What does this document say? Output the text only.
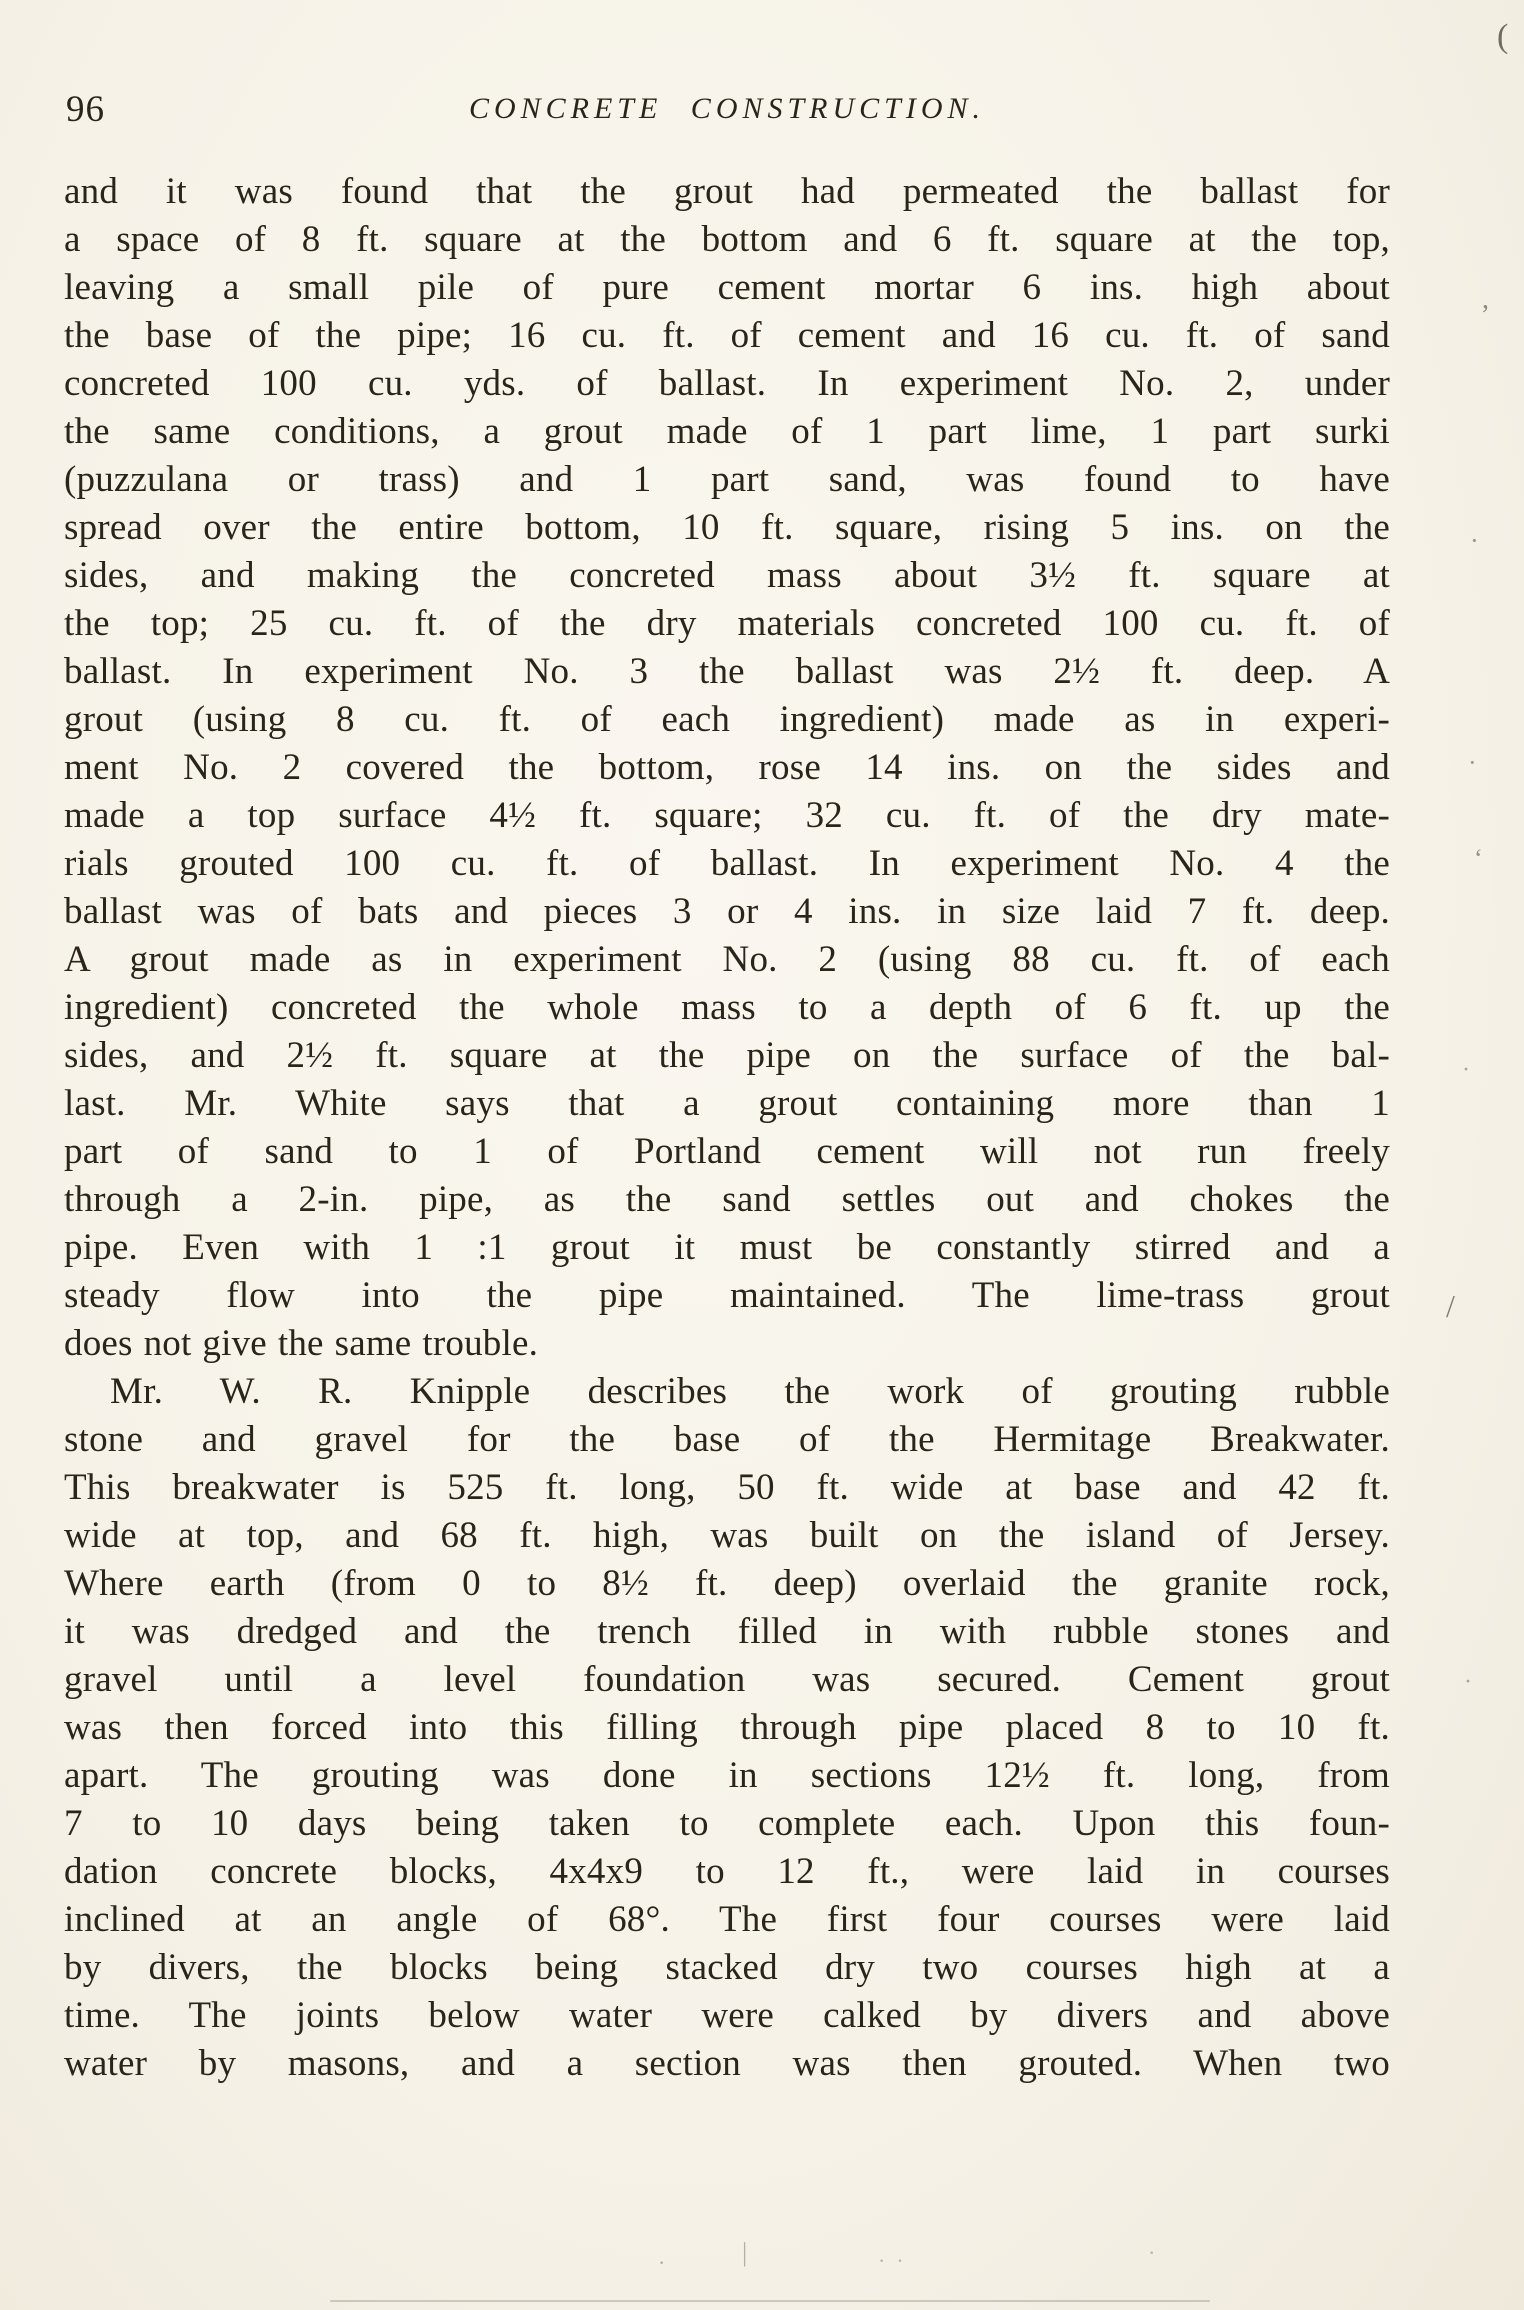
96	CONCRETE CONSTRUCTION.
and it was found that the grout had permeated the ballast for
a space of 8 ft. square at the bottom and 6 ft. square at the top,
leaving a small pile of pure cement mortar 6 ins. high about
the base of the pipe; 16 cu. ft. of cement and 16 cu. ft. of sand
concreted 100 cu. yds. of ballast. In experiment No. 2, under
the same conditions, a grout made of 1 part lime, 1 part surki
(puzzulana or trass) and 1 part sand, was found to have
spread over the entire bottom, 10 ft. square, rising 5 ins. on the
sides, and making the concreted mass about 3½ ft. square at
the top; 25 cu. ft. of the dry materials concreted 100 cu. ft. of
ballast. In experiment No. 3 the ballast was 2½ ft. deep. A
grout (using 8 cu. ft. of each ingredient) made as in experi-
ment No. 2 covered the bottom, rose 14 ins. on the sides and
made a top surface 4½ ft. square; 32 cu. ft. of the dry mate-
rials grouted 100 cu. ft. of ballast. In experiment No. 4 the
ballast was of bats and pieces 3 or 4 ins. in size laid 7 ft. deep.
A grout made as in experiment No. 2 (using 88 cu. ft. of each
ingredient) concreted the whole mass to a depth of 6 ft. up the
sides, and 2½ ft. square at the pipe on the surface of the bal-
last. Mr. White says that a grout containing more than 1
part of sand to 1 of Portland cement will not run freely
through a 2-in. pipe, as the sand settles out and chokes the
pipe. Even with 1 :1 grout it must be constantly stirred and a
steady flow into the pipe maintained. The lime-trass grout
does not give the same trouble.
Mr. W. R. Knipple describes the work of grouting rubble
stone and gravel for the base of the Hermitage Breakwater.
This breakwater is 525 ft. long, 50 ft. wide at base and 42 ft.
wide at top, and 68 ft. high, was built on the island of Jersey.
Where earth (from 0 to 8½ ft. deep) overlaid the granite rock,
it was dredged and the trench filled in with rubble stones and
gravel until a level foundation was secured. Cement grout
was then forced into this filling through pipe placed 8 to 10 ft.
apart. The grouting was done in sections 12½ ft. long, from
7 to 10 days being taken to complete each. Upon this foun-
dation concrete blocks, 4x4x9 to 12 ft., were laid in courses
inclined at an angle of 68°. The first four courses were laid
by divers, the blocks being stacked dry two courses high at a
time. The joints below water were calked by divers and above
water by masons, and a section was then grouted. When two
(
,
·
·
‘
·
/
·
|
·	·  ·	·
